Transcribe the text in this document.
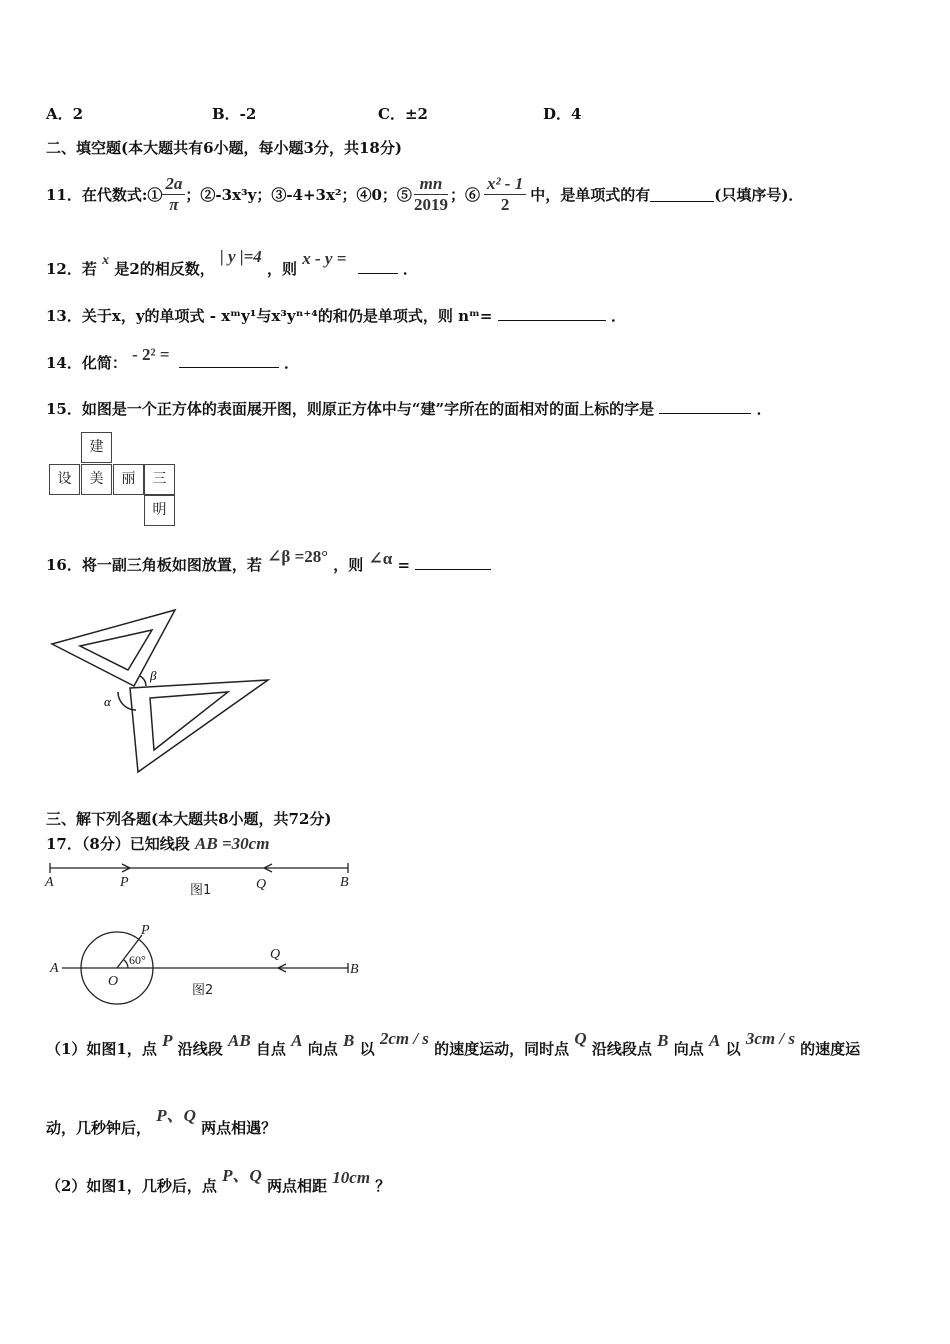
A．2	B．-2	C．±2	D．4
二、填空题(本大题共有6小题，每小题3分，共18分)
11．在代数式:① $\frac{2a}{\pi}$ ；②-3x³y；③-4+3x²；④0；⑤ $\frac{mn}{2019}$ ；⑥ $\frac{\text{x² - 1}}{2}$ 中，是单项式的有	(只填序号)．
12．若 x 是2的相反数， | y |=4 ，则 x - y =  ．
13．关于x，y的单项式 - xᵐy¹与x³yⁿ⁺⁴的和仍是单项式，则 nᵐ=	．
14．化简： - 2² =	．
15．如图是一个正方体的表面展开图，则原正方体中与“建”字所在的面相对的面上标的字是	．
建
设	美	丽	三
明
16．将一副三角板如图放置，若 ∠β =28° ，则 ∠α =
α
β
三、解下列各题(本大题共8小题，共72分)
17．（8分）已知线段 AB =30cm
A	P	Q	B
图1
A
O
P
Q
B
60°
图2
（1）如图1，点 P 沿线段 AB 自点 A 向点 B 以 2cm / s 的速度运动，同时点 Q 沿线段点 B 向点 A 以 3cm / s 的速度运
动，几秒钟后， P、Q 两点相遇？
（2）如图1，几秒后，点 P、Q 两点相距 10cm ？
